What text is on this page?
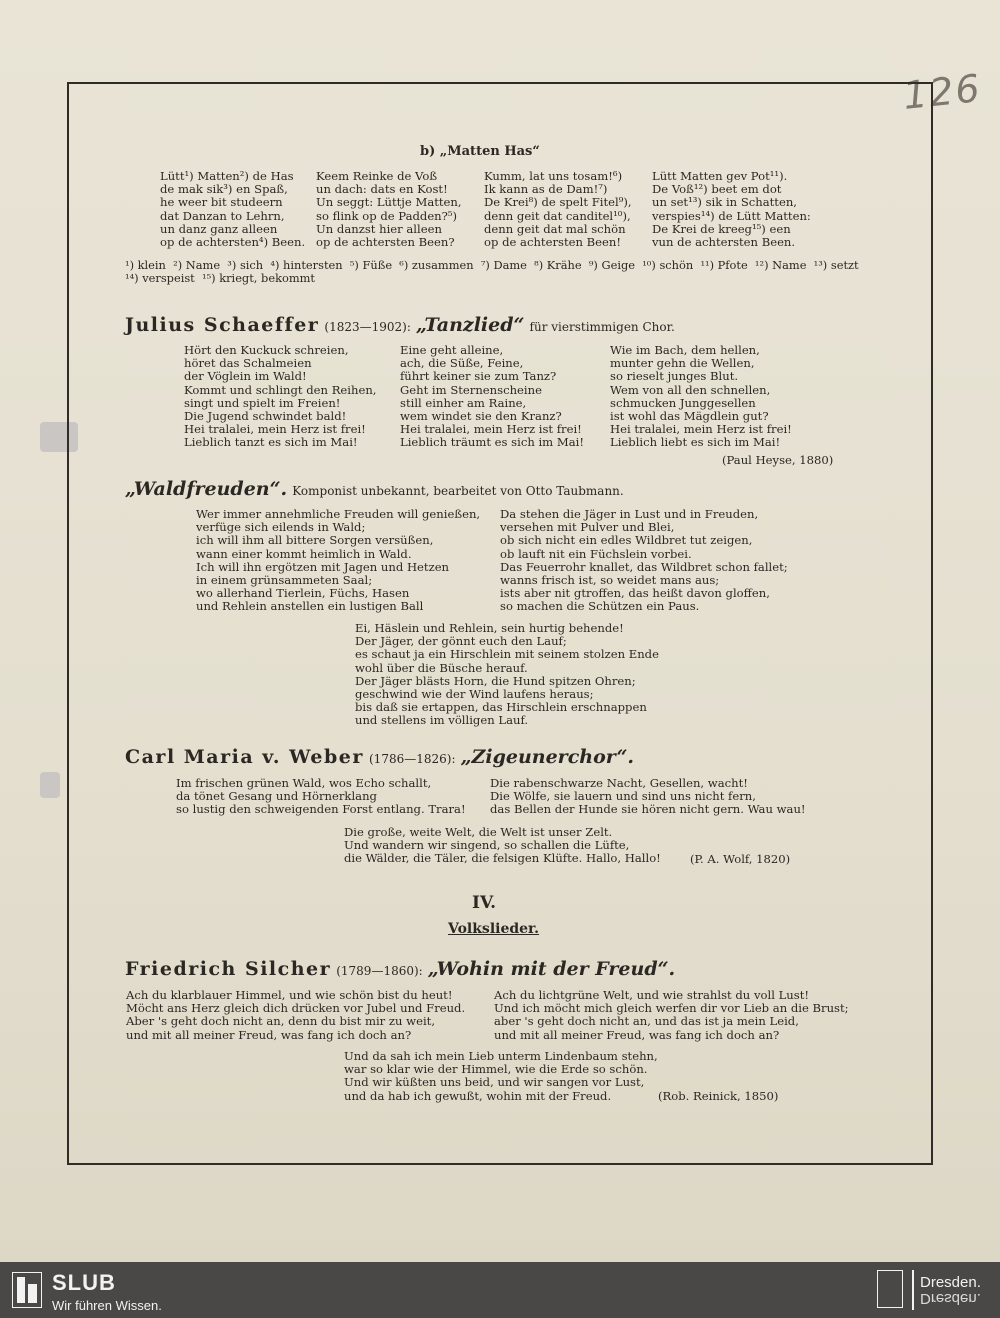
126
b) „Matten Has“
Lütt¹) Matten²) de Has
de mak sik³) en Spaß,
he weer bit studeern
dat Danzan to Lehrn,
un danz ganz alleen
op de achtersten⁴) Been.
Keem Reinke de Voß
un dach: dats en Kost!
Un seggt: Lüttje Matten,
so flink op de Padden?⁵)
Un danzst hier alleen
op de achtersten Been?
Kumm, lat uns tosam!⁶)
Ik kann as de Dam!⁷)
De Krei⁸) de spelt Fitel⁹),
denn geit dat canditel¹⁰),
denn geit dat mal schön
op de achtersten Been!
Lütt Matten gev Pot¹¹).
De Voß¹²) beet em dot
un set¹³) sik in Schatten,
verspies¹⁴) de Lütt Matten:
De Krei de kreeg¹⁵) een
vun de achtersten Been.
¹) klein  ²) Name  ³) sich  ⁴) hintersten  ⁵) Füße  ⁶) zusammen  ⁷) Dame  ⁸) Krähe  ⁹) Geige  ¹⁰) schön  ¹¹) Pfote  ¹²) Name  ¹³) setzt
¹⁴) verspeist  ¹⁵) kriegt, bekommt
Julius Schaeffer (1823—1902): „Tanzlied“ für vierstimmigen Chor.
Hört den Kuckuck schreien,
höret das Schalmeien
der Vöglein im Wald!
Kommt und schlingt den Reihen,
singt und spielt im Freien!
Die Jugend schwindet bald!
Hei tralalei, mein Herz ist frei!
Lieblich tanzt es sich im Mai!
Eine geht alleine,
ach, die Süße, Feine,
führt keiner sie zum Tanz?
Geht im Sternenscheine
still einher am Raine,
wem windet sie den Kranz?
Hei tralalei, mein Herz ist frei!
Lieblich träumt es sich im Mai!
Wie im Bach, dem hellen,
munter gehn die Wellen,
so rieselt junges Blut.
Wem von all den schnellen,
schmucken Junggesellen
ist wohl das Mägdlein gut?
Hei tralalei, mein Herz ist frei!
Lieblich liebt es sich im Mai!
(Paul Heyse, 1880)
„Waldfreuden“. Komponist unbekannt, bearbeitet von Otto Taubmann.
Wer immer annehmliche Freuden will genießen,
verfüge sich eilends in Wald;
ich will ihm all bittere Sorgen versüßen,
wann einer kommt heimlich in Wald.
Ich will ihn ergötzen mit Jagen und Hetzen
in einem grünsammeten Saal;
wo allerhand Tierlein, Füchs, Hasen
und Rehlein anstellen ein lustigen Ball
Da stehen die Jäger in Lust und in Freuden,
versehen mit Pulver und Blei,
ob sich nicht ein edles Wildbret tut zeigen,
ob lauft nit ein Füchslein vorbei.
Das Feuerrohr knallet, das Wildbret schon fallet;
wanns frisch ist, so weidet mans aus;
ists aber nit gtroffen, das heißt davon gloffen,
so machen die Schützen ein Paus.
Ei, Häslein und Rehlein, sein hurtig behende!
Der Jäger, der gönnt euch den Lauf;
es schaut ja ein Hirschlein mit seinem stolzen Ende
wohl über die Büsche herauf.
Der Jäger blästs Horn, die Hund spitzen Ohren;
geschwind wie der Wind laufens heraus;
bis daß sie ertappen, das Hirschlein erschnappen
und stellens im völligen Lauf.
Carl Maria v. Weber (1786—1826): „Zigeunerchor“.
Im frischen grünen Wald, wos Echo schallt,
da tönet Gesang und Hörnerklang
so lustig den schweigenden Forst entlang. Trara!
Die rabenschwarze Nacht, Gesellen, wacht!
Die Wölfe, sie lauern und sind uns nicht fern,
das Bellen der Hunde sie hören nicht gern. Wau wau!
Die große, weite Welt, die Welt ist unser Zelt.
Und wandern wir singend, so schallen die Lüfte,
die Wälder, die Täler, die felsigen Klüfte. Hallo, Hallo!	(P. A. Wolf, 1820)
IV.
Volkslieder.
Friedrich Silcher (1789—1860): „Wohin mit der Freud“.
Ach du klarblauer Himmel, und wie schön bist du heut!
Möcht ans Herz gleich dich drücken vor Jubel und Freud.
Aber 's geht doch nicht an, denn du bist mir zu weit,
und mit all meiner Freud, was fang ich doch an?
Ach du lichtgrüne Welt, und wie strahlst du voll Lust!
Und ich möcht mich gleich werfen dir vor Lieb an die Brust;
aber 's geht doch nicht an, und das ist ja mein Leid,
und mit all meiner Freud, was fang ich doch an?
Und da sah ich mein Lieb unterm Lindenbaum stehn,
war so klar wie der Himmel, wie die Erde so schön.
Und wir küßten uns beid, und wir sangen vor Lust,
und da hab ich gewußt, wohin mit der Freud.	(Rob. Reinick, 1850)
SLUB
Wir führen Wissen.
Dresden.
Dresden.
